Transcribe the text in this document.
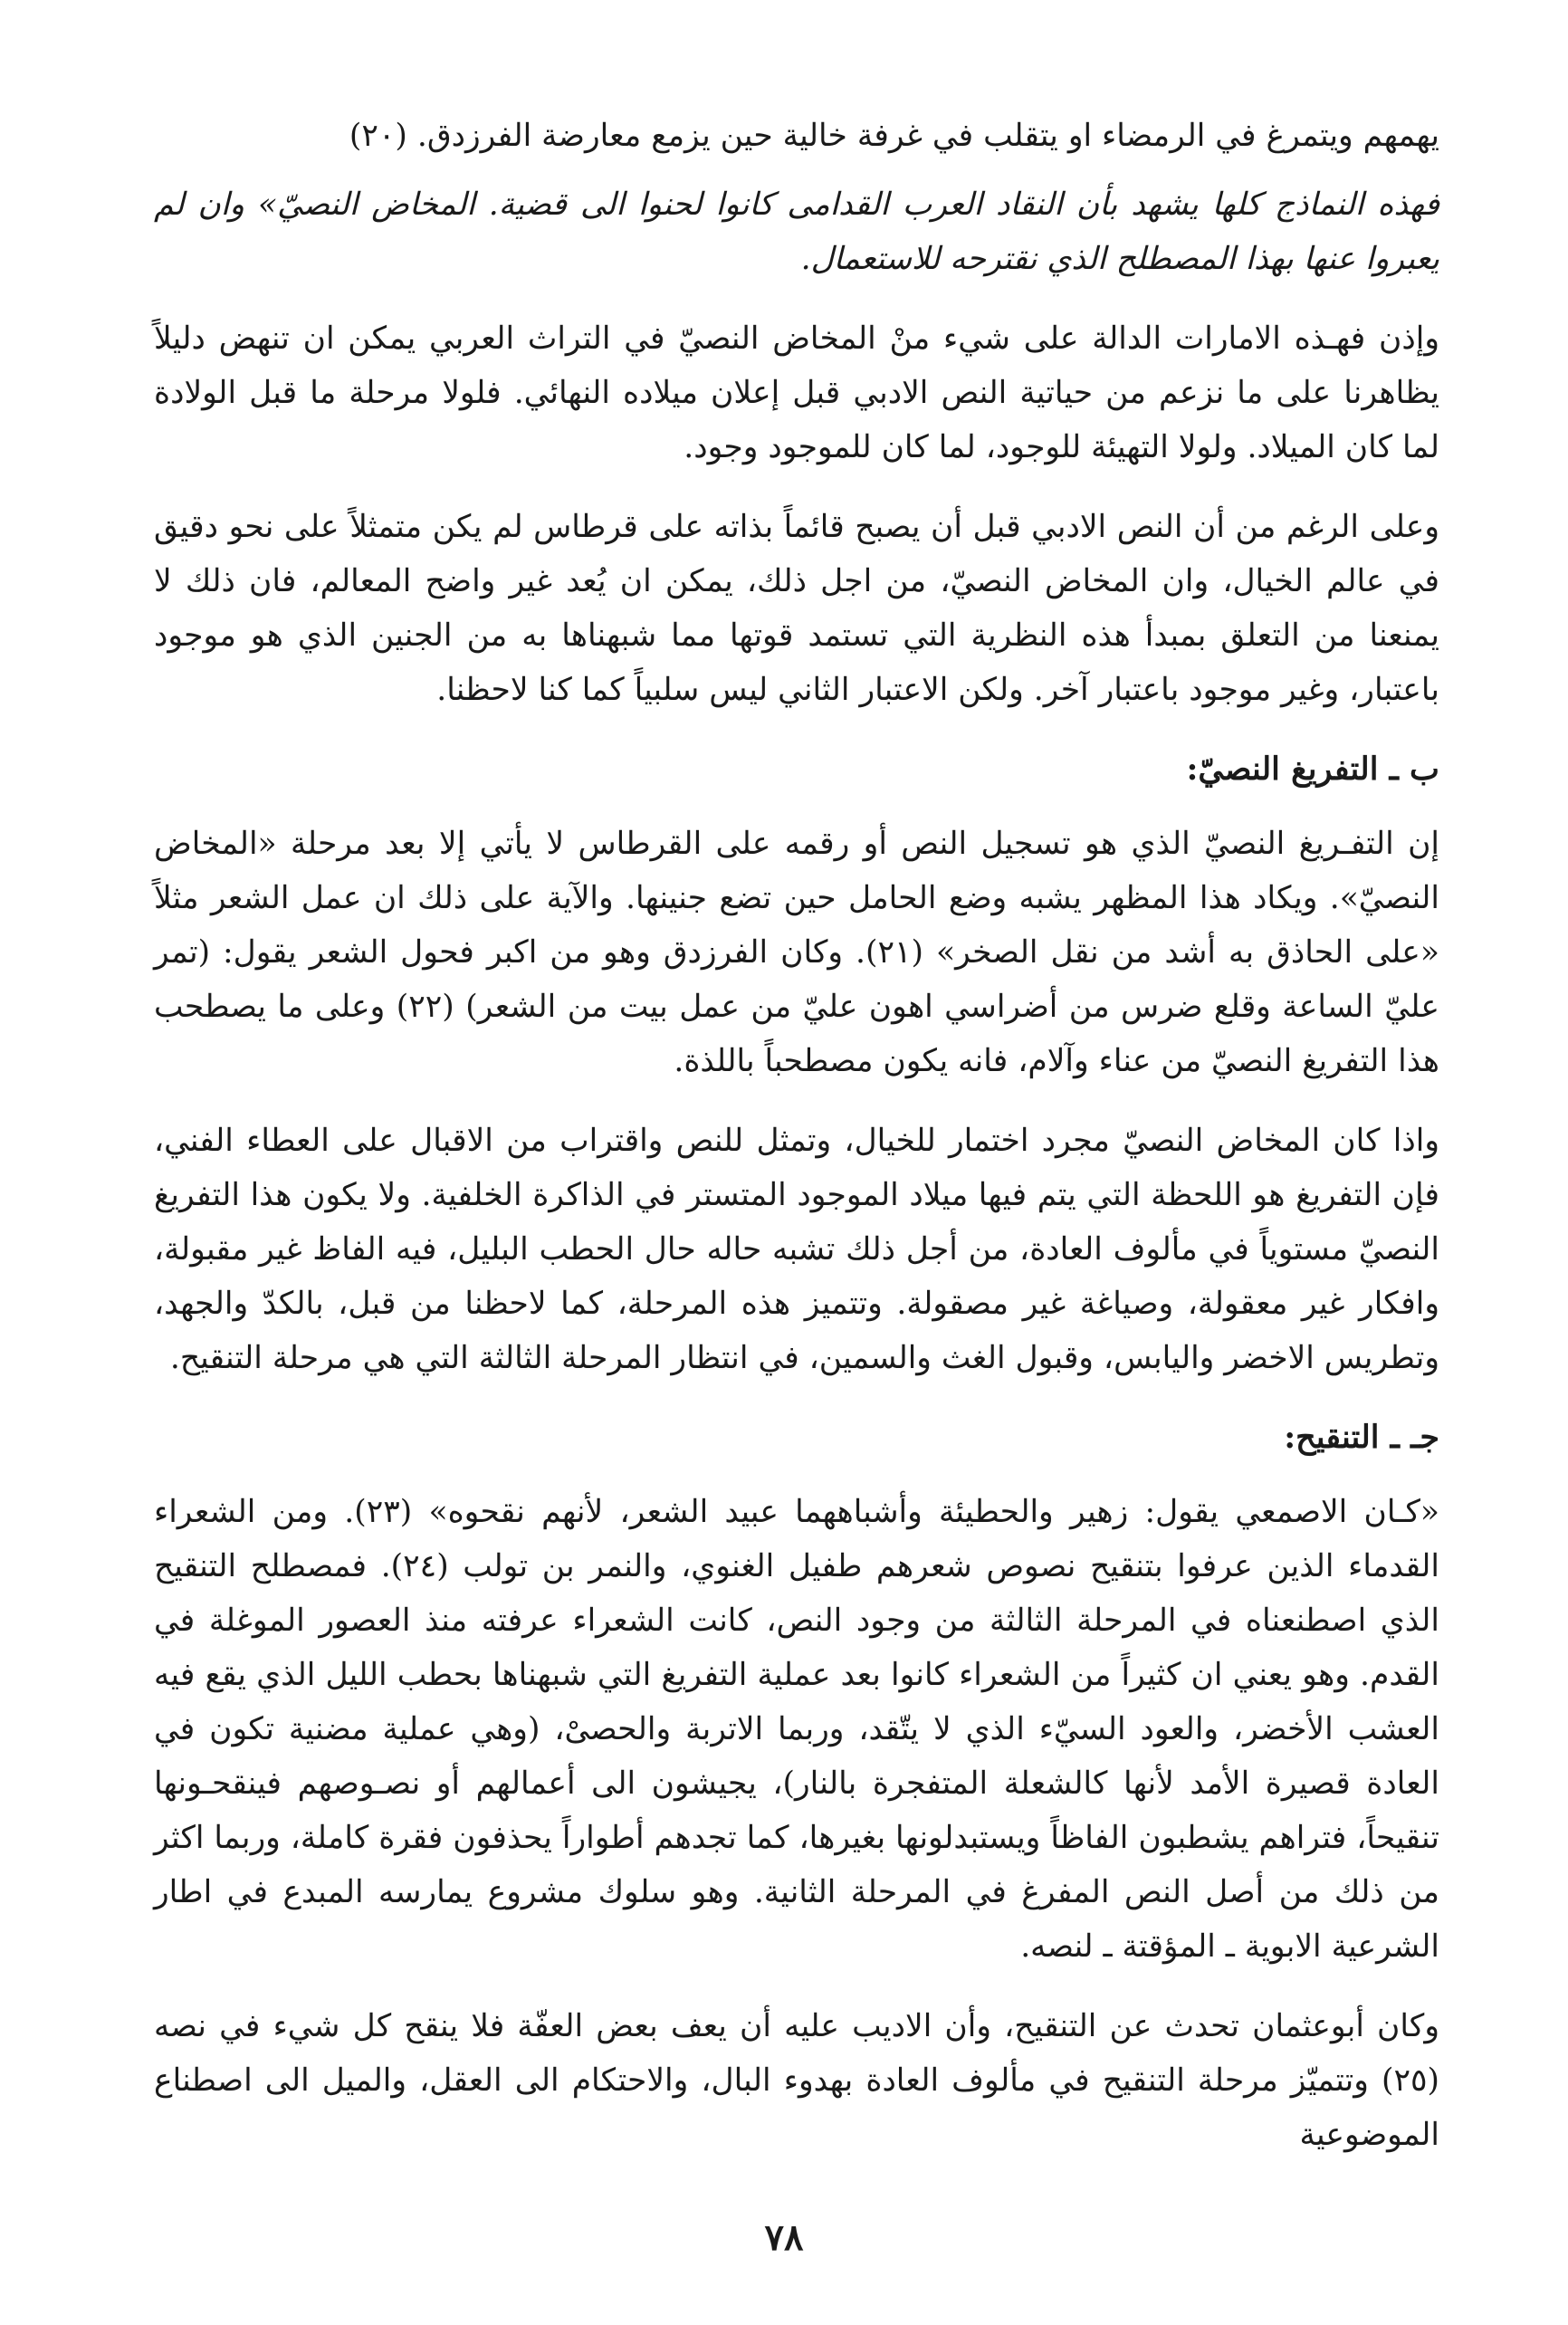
يهمهم ويتمرغ في الرمضاء او يتقلب في غرفة خالية حين يزمع معارضة الفرزدق. (٢٠)

فهذه النماذج كلها يشهد بأن النقاد العرب القدامى كانوا لحنوا الى قضية. المخاض النصيّ» وان لم يعبروا عنها بهذا المصطلح الذي نقترحه للاستعمال.

وإذن فهـذه الامارات الدالة على شيء منْ المخاض النصيّ في التراث العربي يمكن ان تنهض دليلاً يظاهرنا على ما نزعم من حياتية النص الادبي قبل إعلان ميلاده النهائي. فلولا مرحلة ما قبل الولادة لما كان الميلاد. ولولا التهيئة للوجود، لما كان للموجود وجود.

وعلى الرغم من أن النص الادبي قبل أن يصبح قائماً بذاته على قرطاس لم يكن متمثلاً على نحو دقيق في عالم الخيال، وان المخاض النصيّ، من اجل ذلك، يمكن ان يُعد غير واضح المعالم، فان ذلك لا يمنعنا من التعلق بمبدأ هذه النظرية التي تستمد قوتها مما شبهناها به من الجنين الذي هو موجود باعتبار، وغير موجود باعتبار آخر. ولكن الاعتبار الثاني ليس سلبياً كما كنا لاحظنا.

ب ـ التفريغ النصيّ:

إن التفـريغ النصيّ الذي هو تسجيل النص أو رقمه على القرطاس لا يأتي إلا بعد مرحلة «المخاض النصيّ». ويكاد هذا المظهر يشبه وضع الحامل حين تضع جنينها. والآية على ذلك ان عمل الشعر مثلاً «على الحاذق به أشد من نقل الصخر» (٢١). وكان الفرزدق وهو من اكبر فحول الشعر يقول: (تمر عليّ الساعة وقلع ضرس من أضراسي اهون عليّ من عمل بيت من الشعر) (٢٢) وعلى ما يصطحب هذا التفريغ النصيّ من عناء وآلام، فانه يكون مصطحباً باللذة.

واذا كان المخاض النصيّ مجرد اختمار للخيال، وتمثل للنص واقتراب من الاقبال على العطاء الفني، فإن التفريغ هو اللحظة التي يتم فيها ميلاد الموجود المتستر في الذاكرة الخلفية. ولا يكون هذا التفريغ النصيّ مستوياً في مألوف العادة، من أجل ذلك تشبه حاله حال الحطب البليل، فيه الفاظ غير مقبولة، وافكار غير معقولة، وصياغة غير مصقولة. وتتميز هذه المرحلة، كما لاحظنا من قبل، بالكدّ والجهد، وتطريس الاخضر واليابس، وقبول الغث والسمين، في انتظار المرحلة الثالثة التي هي مرحلة التنقيح.

جـ ـ التنقيح:

«كـان الاصمعي يقول: زهير والحطيئة وأشباههما عبيد الشعر، لأنهم نقحوه» (٢٣). ومن الشعراء القدماء الذين عرفوا بتنقيح نصوص شعرهم طفيل الغنوي، والنمر بن تولب (٢٤). فمصطلح التنقيح الذي اصطنعناه في المرحلة الثالثة من وجود النص، كانت الشعراء عرفته منذ العصور الموغلة في القدم. وهو يعني ان كثيراً من الشعراء كانوا بعد عملية التفريغ التي شبهناها بحطب الليل الذي يقع فيه العشب الأخضر، والعود السيّء الذي لا يتّقد، وربما الاتربة والحصىْ، (وهي عملية مضنية تكون في العادة قصيرة الأمد لأنها كالشعلة المتفجرة بالنار)، يجيشون الى أعمالهم أو نصـوصهم فينقحـونها تنقيحاً، فتراهم يشطبون الفاظاً ويستبدلونها بغيرها، كما تجدهم أطواراً يحذفون فقرة كاملة، وربما اكثر من ذلك من أصل النص المفرغ في المرحلة الثانية. وهو سلوك مشروع يمارسه المبدع في اطار الشرعية الابوية ـ المؤقتة ـ لنصه.

وكان أبوعثمان تحدث عن التنقيح، وأن الاديب عليه أن يعف بعض العفّة فلا ينقح كل شيء في نصه (٢٥) وتتميّز مرحلة التنقيح في مألوف العادة بهدوء البال، والاحتكام الى العقل، والميل الى اصطناع الموضوعية

٧٨
